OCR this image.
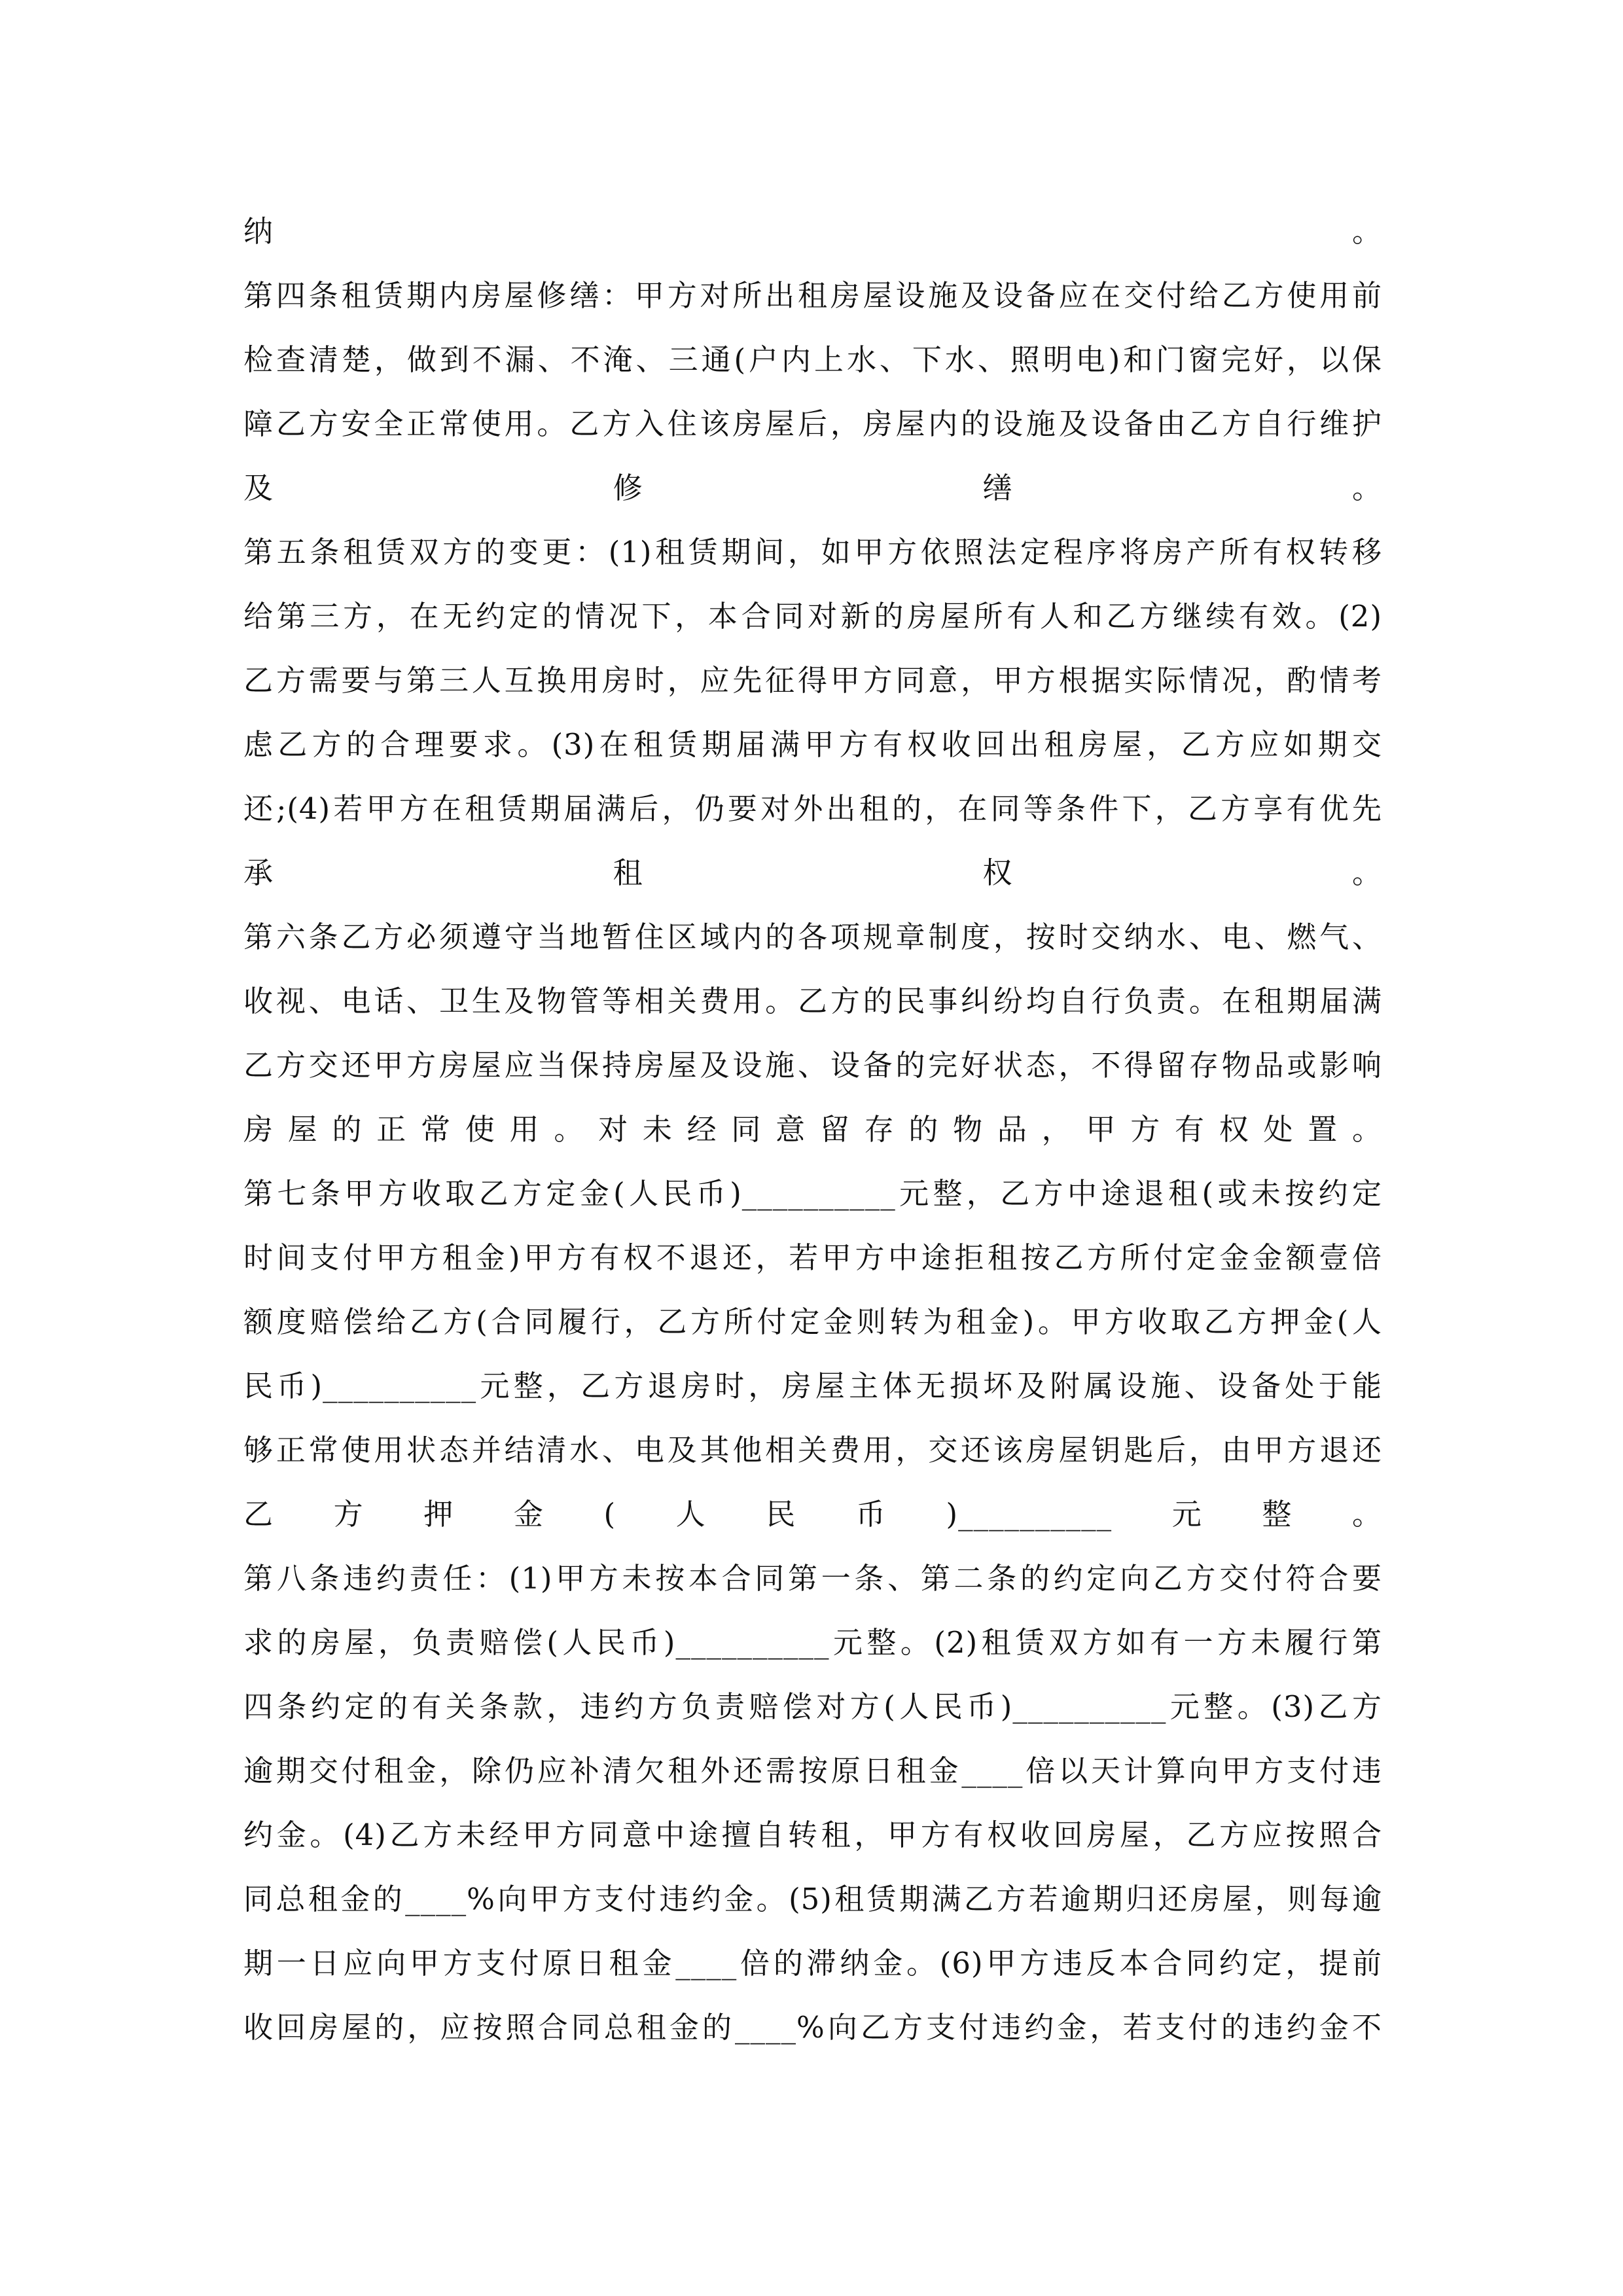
纳。
第四条租赁期内房屋修缮：甲方对所出租房屋设施及设备应在交付给乙方使用前
检查清楚，做到不漏、不淹、三通(户内上水、下水、照明电)和门窗完好，以保
障乙方安全正常使用。乙方入住该房屋后，房屋内的设施及设备由乙方自行维护
及修缮。
第五条租赁双方的变更：(1)租赁期间，如甲方依照法定程序将房产所有权转移
给第三方，在无约定的情况下，本合同对新的房屋所有人和乙方继续有效。(2)
乙方需要与第三人互换用房时，应先征得甲方同意，甲方根据实际情况，酌情考
虑乙方的合理要求。(3)在租赁期届满甲方有权收回出租房屋，乙方应如期交
还;(4)若甲方在租赁期届满后，仍要对外出租的，在同等条件下，乙方享有优先
承租权。
第六条乙方必须遵守当地暂住区域内的各项规章制度，按时交纳水、电、燃气、
收视、电话、卫生及物管等相关费用。乙方的民事纠纷均自行负责。在租期届满
乙方交还甲方房屋应当保持房屋及设施、设备的完好状态，不得留存物品或影响
房屋的正常使用。对未经同意留存的物品，甲方有权处置。
第七条甲方收取乙方定金(人民币)__________元整，乙方中途退租(或未按约定
时间支付甲方租金)甲方有权不退还，若甲方中途拒租按乙方所付定金金额壹倍
额度赔偿给乙方(合同履行，乙方所付定金则转为租金)。甲方收取乙方押金(人
民币)__________元整，乙方退房时，房屋主体无损坏及附属设施、设备处于能
够正常使用状态并结清水、电及其他相关费用，交还该房屋钥匙后，由甲方退还
乙方押金(人民币)__________元整。
第八条违约责任：(1)甲方未按本合同第一条、第二条的约定向乙方交付符合要
求的房屋，负责赔偿(人民币)__________元整。(2)租赁双方如有一方未履行第
四条约定的有关条款，违约方负责赔偿对方(人民币)__________元整。(3)乙方
逾期交付租金，除仍应补清欠租外还需按原日租金____倍以天计算向甲方支付违
约金。(4)乙方未经甲方同意中途擅自转租，甲方有权收回房屋，乙方应按照合
同总租金的____%向甲方支付违约金。(5)租赁期满乙方若逾期归还房屋，则每逾
期一日应向甲方支付原日租金____倍的滞纳金。(6)甲方违反本合同约定，提前
收回房屋的，应按照合同总租金的____%向乙方支付违约金，若支付的违约金不
